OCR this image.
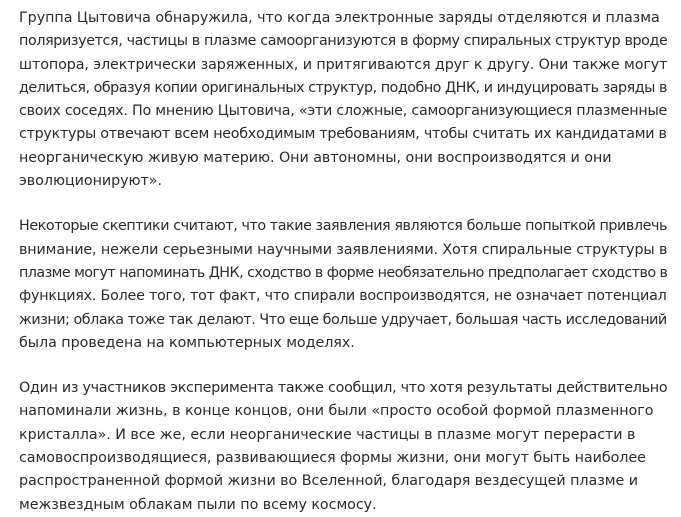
Группа Цытовича обнаружила, что когда электронные заряды отделяются и плазма
поляризуется, частицы в плазме самоорганизуются в форму спиральных структур вроде
штопора, электрически заряженных, и притягиваются друг к другу. Они также могут
делиться, образуя копии оригинальных структур, подобно ДНК, и индуцировать заряды в
своих соседях. По мнению Цытовича, «эти сложные, самоорганизующиеся плазменные
структуры отвечают всем необходимым требованиям, чтобы считать их кандидатами в
неорганическую живую материю. Они автономны, они воспроизводятся и они
эволюционируют».

Некоторые скептики считают, что такие заявления являются больше попыткой привлечь
внимание, нежели серьезными научными заявлениями. Хотя спиральные структуры в
плазме могут напоминать ДНК, сходство в форме необязательно предполагает сходство в
функциях. Более того, тот факт, что спирали воспроизводятся, не означает потенциал
жизни; облака тоже так делают. Что еще больше удручает, большая часть исследований
была проведена на компьютерных моделях.

Один из участников эксперимента также сообщил, что хотя результаты действительно
напоминали жизнь, в конце концов, они были «просто особой формой плазменного
кристалла». И все же, если неорганические частицы в плазме могут перерасти в
самовоспроизводящиеся, развивающиеся формы жизни, они могут быть наиболее
распространенной формой жизни во Вселенной, благодаря вездесущей плазме и
межзвездным облакам пыли по всему космосу.
